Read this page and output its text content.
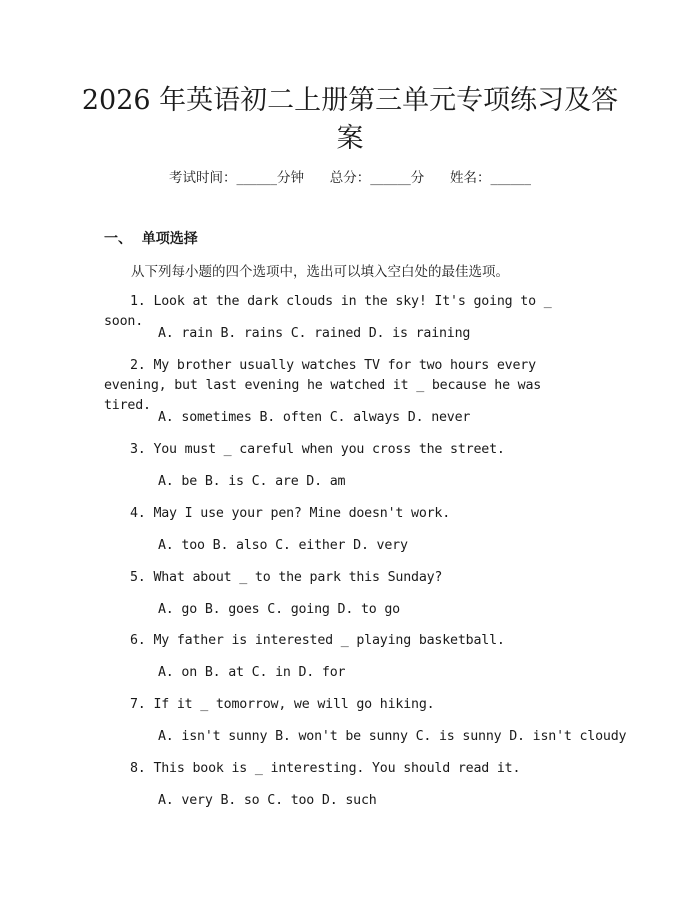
2026 年英语初二上册第三单元专项练习及答案
考试时间：______分钟 总分：______分 姓名：______
一、 单项选择
从下列每小题的四个选项中，选出可以填入空白处的最佳选项。
1. Look at the dark clouds in the sky! It's going to _ soon.
A. rain B. rains C. rained D. is raining
2. My brother usually watches TV for two hours every evening, but last evening he watched it _ because he was tired.
A. sometimes B. often C. always D. never
3. You must _ careful when you cross the street.
A. be B. is C. are D. am
4. May I use your pen? Mine doesn't work.
A. too B. also C. either D. very
5. What about _ to the park this Sunday?
A. go B. goes C. going D. to go
6. My father is interested _ playing basketball.
A. on B. at C. in D. for
7. If it _ tomorrow, we will go hiking.
A. isn't sunny B. won't be sunny C. is sunny D. isn't cloudy
8. This book is _ interesting. You should read it.
A. very B. so C. too D. such
